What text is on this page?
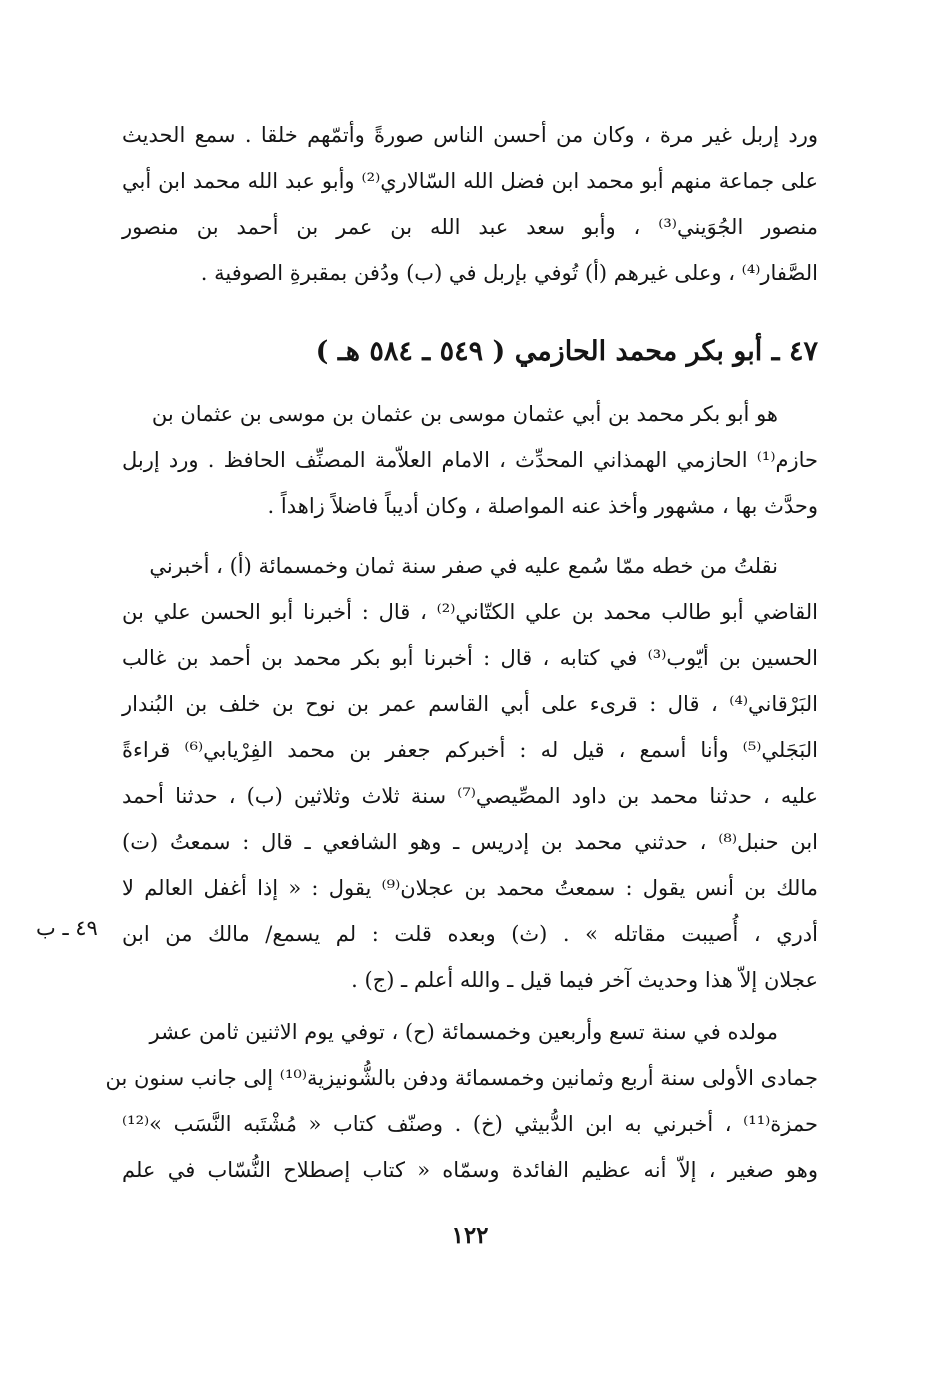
ورد إربل غير مرة ، وكان من أحسن الناس صورةً وأتمّهم خلقا . سمع الحديث
على جماعة منهم أبو محمد ابن فضل الله السّالاري⁽²⁾ وأبو عبد الله محمد ابن أبي
منصور الجُوَيني⁽³⁾ ، وأبو سعد عبد الله بن عمر بن أحمد بن منصور
الصَّفار⁽⁴⁾ ، وعلى غيرهم (أ) تُوفي بإربل في (ب) ودُفن بمقبرةِ الصوفية .
٤٧ ـ أبو بكر محمد الحازمي ( ٥٤٩ ـ ٥٨٤ هـ )
هو أبو بكر محمد بن أبي عثمان موسى بن عثمان بن موسى بن عثمان بن
حازم⁽¹⁾ الحازمي الهمذاني المحدِّث ، الامام العلاّمة المصنِّف الحافظ . ورد إربل
وحدَّث بها ، مشهور وأخذ عنه المواصلة ، وكان أديباً فاضلاً زاهداً .
نقلتُ من خطه ممّا سُمع عليه في صفر سنة ثمان وخمسمائة (أ) ، أخبرني
القاضي أبو طالب محمد بن علي الكتّاني⁽²⁾ ، قال : أخبرنا أبو الحسن علي بن
الحسين بن أيّوب⁽³⁾ في كتابه ، قال : أخبرنا أبو بكر محمد بن أحمد بن غالب
البَرْقاني⁽⁴⁾ ، قال : قرىء على أبي القاسم عمر بن نوح بن خلف بن البُندار
البَجَلي⁽⁵⁾ وأنا أسمع ، قيل له : أخبركم جعفر بن محمد الفِرْيابي⁽⁶⁾ قراءةً
عليه ، حدثنا محمد بن داود المصِّيصي⁽⁷⁾ سنة ثلاث وثلاثين (ب) ، حدثنا أحمد
ابن حنبل⁽⁸⁾ ، حدثني محمد بن إدريس ـ وهو الشافعي ـ قال : سمعتُ (ت)
مالك بن أنس يقول : سمعتُ محمد بن عجلان⁽⁹⁾ يقول : « إذا أغفل العالم لا
أدري ، أُصيبت مقاتله » . (ث) وبعده قلت : لم يسمع/ مالك من ابن
عجلان إلاّ هذا وحديث آخر فيما قيل ـ والله أعلم ـ (ج) .
٤٩ ـ ب
مولده في سنة تسع وأربعين وخمسمائة (ح) ، توفي يوم الاثنين ثامن عشر
جمادى الأولى سنة أربع وثمانين وخمسمائة ودفن بالشُّونيزية⁽¹⁰⁾ إلى جانب سنون بن
حمزة⁽¹¹⁾ ، أخبرني به ابن الدُّبيثي (خ) . وصنّف كتاب « مُشْتَبه النَّسَب »⁽¹²⁾
وهو صغير ، إلاّ أنه عظيم الفائدة وسمّاه « كتاب إصطلاح النُّسّاب في علم
١٢٢
